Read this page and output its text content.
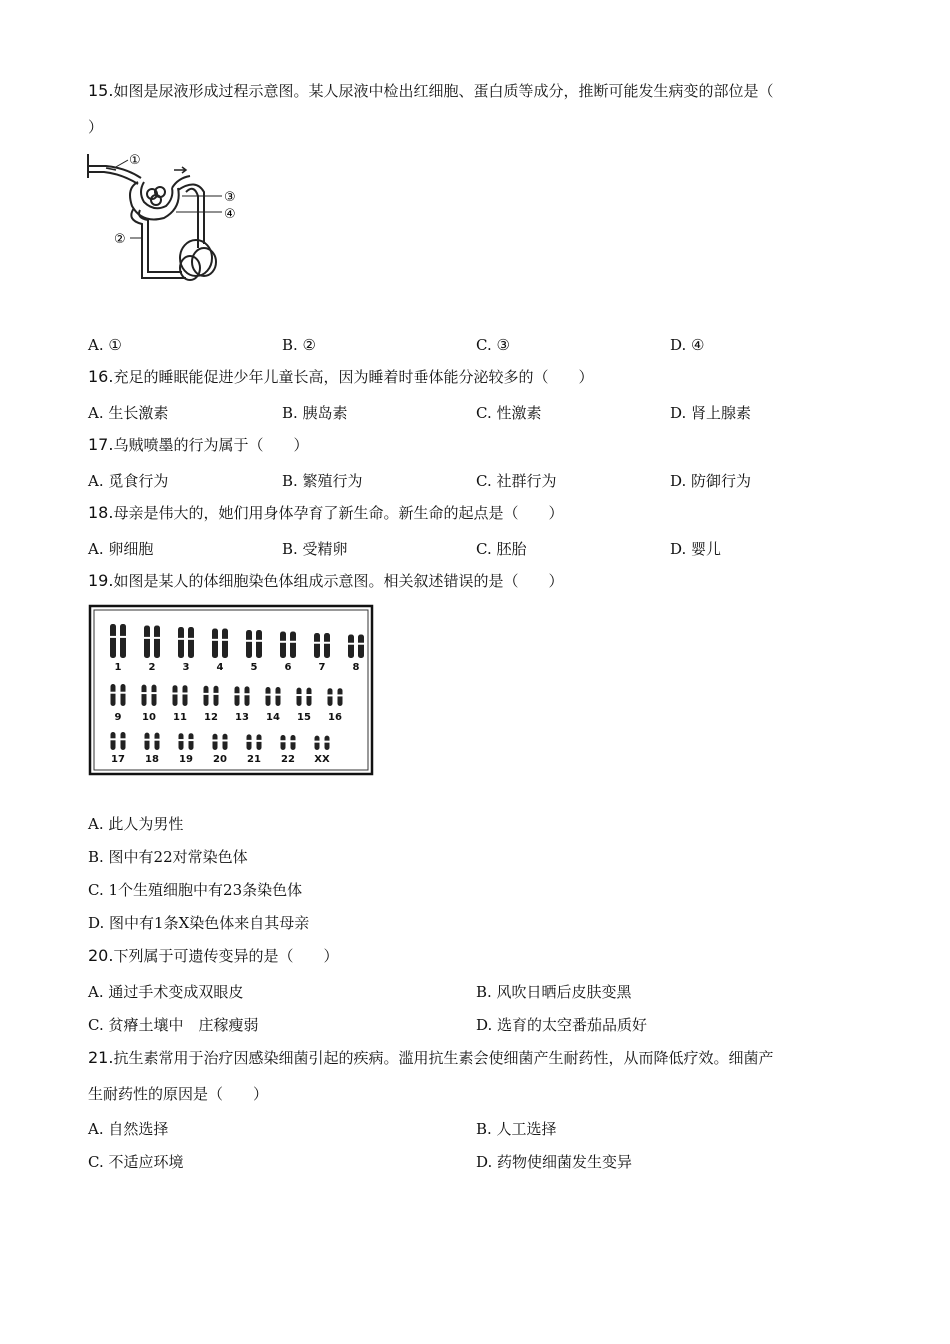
15.如图是尿液形成过程示意图。某人尿液中检出红细胞、蛋白质等成分，推断可能发生病变的部位是（
）
①
③
④
②
A. ①	B. ②	C. ③	D. ④
16.充足的睡眠能促进少年儿童长高，因为睡着时垂体能分泌较多的（　　）
A. 生长激素	B. 胰岛素	C. 性激素	D. 肾上腺素
17.乌贼喷墨的行为属于（　　）
A. 觅食行为	B. 繁殖行为	C. 社群行为	D. 防御行为
18.母亲是伟大的，她们用身体孕育了新生命。新生命的起点是（　　）
A. 卵细胞	B. 受精卵	C. 胚胎	D. 婴儿
19.如图是某人的体细胞染色体组成示意图。相关叙述错误的是（　　）
1	2	3	4	5	6	7	8
9 10 11 12 13 14 15 16
17 18 19 20 21 22 XX
A. 此人为男性
B. 图中有22对常染色体
C. 1个生殖细胞中有23条染色体
D. 图中有1条X染色体来自其母亲
20.下列属于可遗传变异的是（　　）
A. 通过手术变成双眼皮	B. 风吹日晒后皮肤变黑
C. 贫瘠土壤中　庄稼瘦弱	D. 选育的太空番茄品质好
21.抗生素常用于治疗因感染细菌引起的疾病。滥用抗生素会使细菌产生耐药性，从而降低疗效。细菌产
生耐药性的原因是（　　）
A. 自然选择	B. 人工选择
C. 不适应环境	D. 药物使细菌发生变异
